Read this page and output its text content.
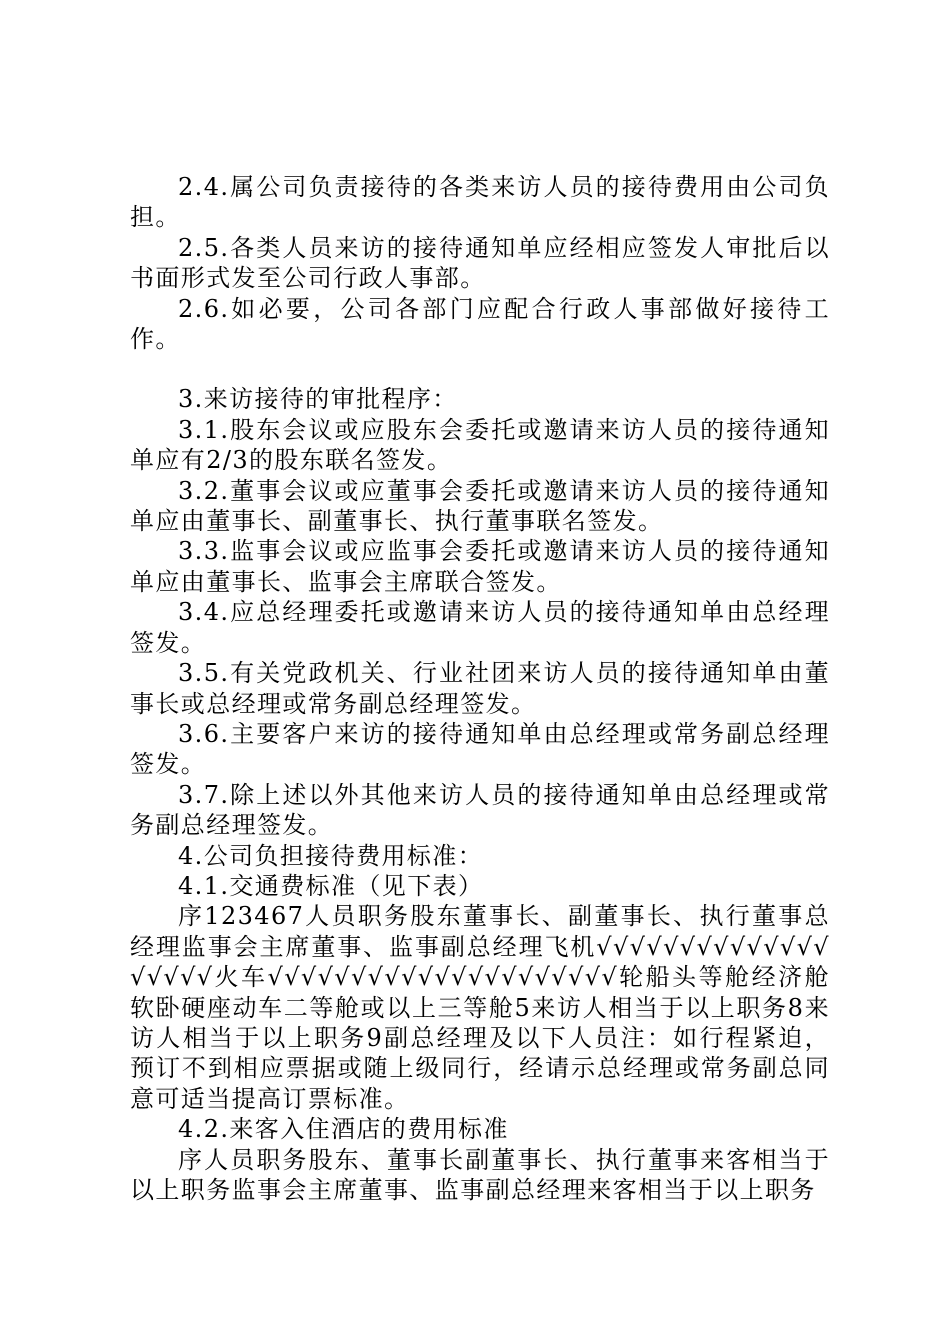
2.4.属公司负责接待的各类来访人员的接待费用由公司负担。

2.5.各类人员来访的接待通知单应经相应签发人审批后以书面形式发至公司行政人事部。

2.6.如必要，公司各部门应配合行政人事部做好接待工作。

3.来访接待的审批程序：

3.1.股东会议或应股东会委托或邀请来访人员的接待通知单应有2/3的股东联名签发。

3.2.董事会议或应董事会委托或邀请来访人员的接待通知单应由董事长、副董事长、执行董事联名签发。

3.3.监事会议或应监事会委托或邀请来访人员的接待通知单应由董事长、监事会主席联合签发。

3.4.应总经理委托或邀请来访人员的接待通知单由总经理签发。

3.5.有关党政机关、行业社团来访人员的接待通知单由董事长或总经理或常务副总经理签发。

3.6.主要客户来访的接待通知单由总经理或常务副总经理签发。

3.7.除上述以外其他来访人员的接待通知单由总经理或常务副总经理签发。

4.公司负担接待费用标准：

4.1.交通费标准（见下表）

序123467人员职务股东董事长、副董事长、执行董事总经理监事会主席董事、监事副总经理飞机√√√√√√√√√√√√√√√√√√√火车√√√√√√√√√√√√√√√√√√√√√轮船头等舱经济舱软卧硬座动车二等舱或以上三等舱5来访人相当于以上职务8来访人相当于以上职务9副总经理及以下人员注：如行程紧迫，预订不到相应票据或随上级同行，经请示总经理或常务副总同意可适当提高订票标准。

4.2.来客入住酒店的费用标准

序人员职务股东、董事长副董事长、执行董事来客相当于以上职务监事会主席董事、监事副总经理来客相当于以上职务
